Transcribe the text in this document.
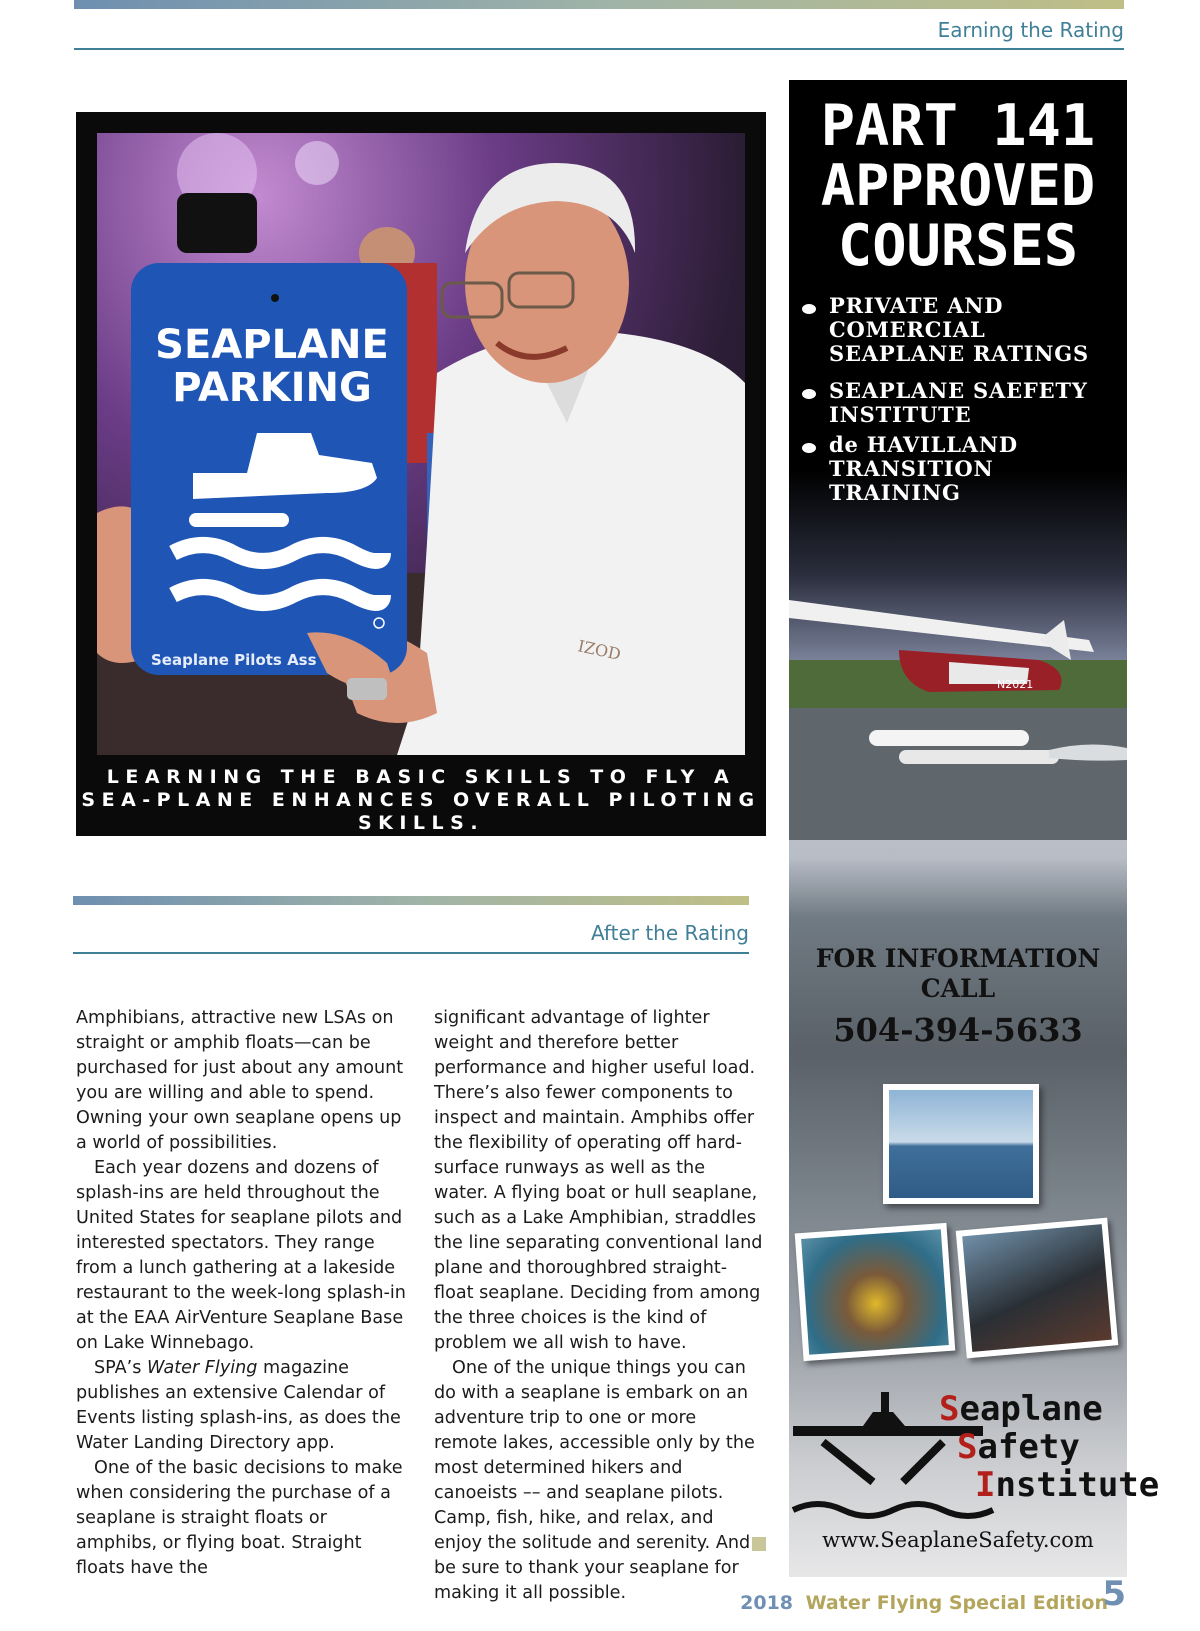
Earning the Rating
IZOD
SEAPLANE
PARKING
Seaplane Pilots Ass
LEARNING THE BASIC SKILLS TO FLY A SEA-PLANE ENHANCES OVERALL PILOTING SKILLS.
After the Rating

Amphibians, attractive new LSAs on straight or amphib floats—can be purchased for just about any amount you are willing and able to spend. Owning your own seaplane opens up a world of possibilities.

Each year dozens and dozens of splash-ins are held throughout the United States for seaplane pilots and interested spectators. They range from a lunch gathering at a lakeside restaurant to the week-long splash-in at the EAA AirVenture Seaplane Base on Lake Winnebago.

SPA’s Water Flying magazine publishes an extensive Calendar of Events listing splash-ins, as does the Water Landing Directory app.

One of the basic decisions to make when considering the purchase of a seaplane is straight floats or amphibs, or flying boat. Straight floats have the

significant advantage of lighter weight and therefore better performance and higher useful load. There’s also fewer components to inspect and maintain. Amphibs offer the flexibility of operating off hard-surface runways as well as the water. A flying boat or hull seaplane, such as a Lake Amphibian, straddles the line separating conventional land plane and thoroughbred straight-float seaplane. Deciding from among the three choices is the kind of problem we all wish to have.

One of the unique things you can do with a seaplane is embark on an adventure trip to one or more remote lakes, accessible only by the most determined hikers and canoeists –– and seaplane pilots. Camp, fish, hike, and relax, and enjoy the solitude and serenity. And be sure to thank your seaplane for making it all possible.

PART 141
APPROVED
COURSES
PRIVATE AND COMERCIAL SEAPLANE RATINGS
SEAPLANE SAEFETY INSTITUTE
de HAVILLAND TRANSITION TRAINING
N2021
FOR INFORMATION
CALL
504-394-5633
Seaplane
Safety
Institute
www.SeaplaneSafety.com
2018 Water Flying Special Edition
5
